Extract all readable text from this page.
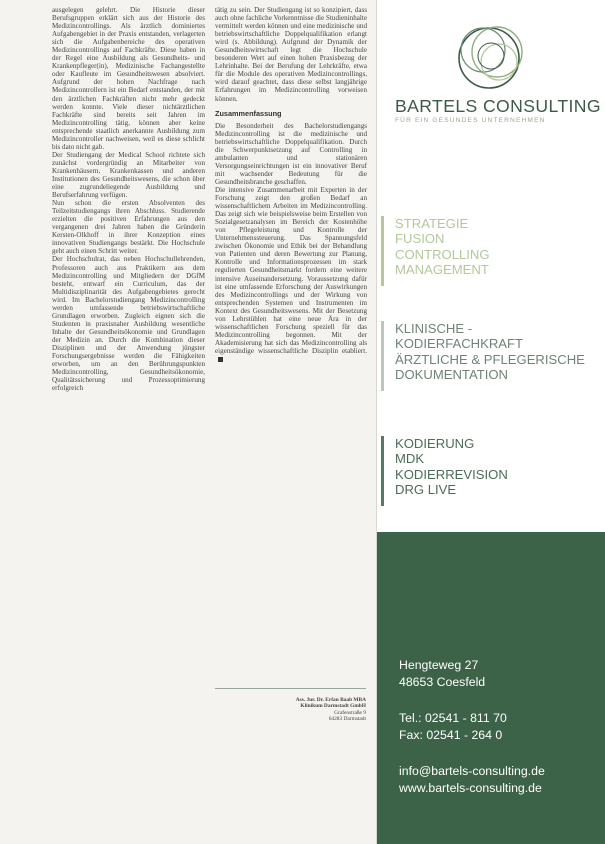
ausgelegen gelehrt. Die Historie dieser Berufsgruppen erklärt sich aus der Historie des Medizincontrollings. Als ärztlich dominiertes Aufgabengebiet in der Praxis entstanden, verlagerten sich die Aufgabenbereiche des operativen Medizincontrollings auf Fachkräfte. Diese haben in der Regel eine Ausbildung als Gesundheits- und Krankenpfleger(in), Medizinische Fachangestellte oder Kaufleute im Gesundheitswesen absolviert. Aufgrund der hohen Nachfrage nach Medizincontrollern ist ein Bedarf entstanden, der mit den ärztlichen Fachkräften nicht mehr gedeckt werden konnte. Viele dieser nichtärztlichen Fachkräfte sind bereits seit Jahren im Medizincontrolling tätig, können aber keine entsprechende staatlich anerkannte Ausbildung zum Medizincontroller nachweisen, weil es diese schlicht bis dato nicht gab.

Der Studiengang der Medical School richtete sich zunächst vordergründig an Mitarbeiter von Krankenhäusern, Krankenkassen und anderen Institutionen des Gesundheitswesens, die schon über eine zugrundeliegende Ausbildung und Berufserfahrung verfügen.

Nun schon die ersten Absolventen des Teilzeitstudiengangs ihren Abschluss. Studierende erzielten die positiven Erfahrungen aus den vergangenen drei Jahren haben die Gründerin Kersten-Olkhoff in ihrer Konzeption eines innovativen Studiengangs bestärkt. Die Hochschule geht auch einen Schritt weiter.

Der Hochschulrat, das neben Hochschullehrenden, Professoren auch aus Praktikern aus dem Medizincontrolling und Mitgliedern der DGfM besteht, entwarf ein Curriculum, das der Multidisziplinarität des Aufgabengebietes gerecht wird. Im Bachelorstudiengang Medizincontrolling werden umfassende betriebswirtschaftliche Grundlagen erworben. Zugleich eignen sich die Studenten in praxisnaher Ausbildung wesentliche Inhalte der Gesundheitsökonomie und Grundlagen der Medizin an. Durch die Kombination dieser Disziplinen und der Anwendung jüngster Forschungsergebnisse werden die Fähigkeiten erworben, um an den Berührungspunkten Medizincontrolling, Gesundheitsökonomie, Qualitätssicherung und Prozessoptimierung erfolgreich

tätig zu sein. Der Studiengang ist so konzipiert, dass auch ohne fachliche Vorkenntnisse die Studieninhalte vermittelt werden können und eine medizinische und betriebswirtschaftliche Doppelqualifikation erlangt wird (s. Abbildung). Aufgrund der Dynamik der Gesundheitswirtschaft legt die Hochschule besonderen Wert auf einen hohen Praxisbezug der Lehrinhalte. Bei der Berufung der Lehrkräfte, etwa für die Module des operativen Medizincontrollings, wird darauf geachtet, dass diese selbst langjährige Erfahrungen im Medizincontrolling vorweisen können.

Zusammenfassung

Die Besonderheit des Bachelorstudiengangs Medizincontrolling ist die medizinische und betriebswirtschaftliche Doppelqualifikation. Durch die Schwerpunktsetzung auf Controlling in ambulanten und stationären Versorgungseinrichtungen ist ein innovativer Beruf mit wachsender Bedeutung für die Gesundheitsbranche geschaffen.

Die intensive Zusammenarbeit mit Experten in der Forschung zeigt den großen Bedarf an wissenschaftlichem Arbeiten im Medizincontrolling. Das zeigt sich wie beispielsweise beim Erstellen von Sozialgesetzanalysen im Bereich der Kostenhöhe von Pflegeleistung und Kontrolle der Unternehmenssteuerung. Das Spannungsfeld zwischen Ökonomie und Ethik bei der Behandlung von Patienten und deren Bewertung zur Planung, Kontrolle und Informationsprozessen im stark regulierten Gesundheitsmarkt fordern eine weitere intensive Auseinandersetzung. Voraussetzung dafür ist eine umfassende Erforschung der Auswirkungen des Medizincontrollings und der Wirkung von entsprechenden Systemen und Instrumenten im Kontext des Gesundheitswesens. Mit der Besetzung von Lehrstühlen hat eine neue Ära in der wissenschaftlichen Forschung speziell für das Medizincontrolling begonnen. Mit der Akademisierung hat sich das Medizincontrolling als eigenständige wissenschaftliche Disziplin etabliert.

Ass. Jur. Dr. Erfan Baab MBA
Klinikum Darmstadt GmbH
Grafenstraße 9
64283 Darmstadt
BARTELS CONSULTING
FÜR EIN GESUNDES UNTERNEHMEN
STRATEGIE
FUSION
CONTROLLING
MANAGEMENT
KLINISCHE -
KODIERFACHKRAFT
ÄRZTLICHE & PFLEGERISCHE
DOKUMENTATION
KODIERUNG
MDK
KODIERREVISION
DRG LIVE
Hengteweg 27
48653 Coesfeld
Tel.: 02541 - 811 70
Fax: 02541 - 264 0
info@bartels-consulting.de
www.bartels-consulting.de
